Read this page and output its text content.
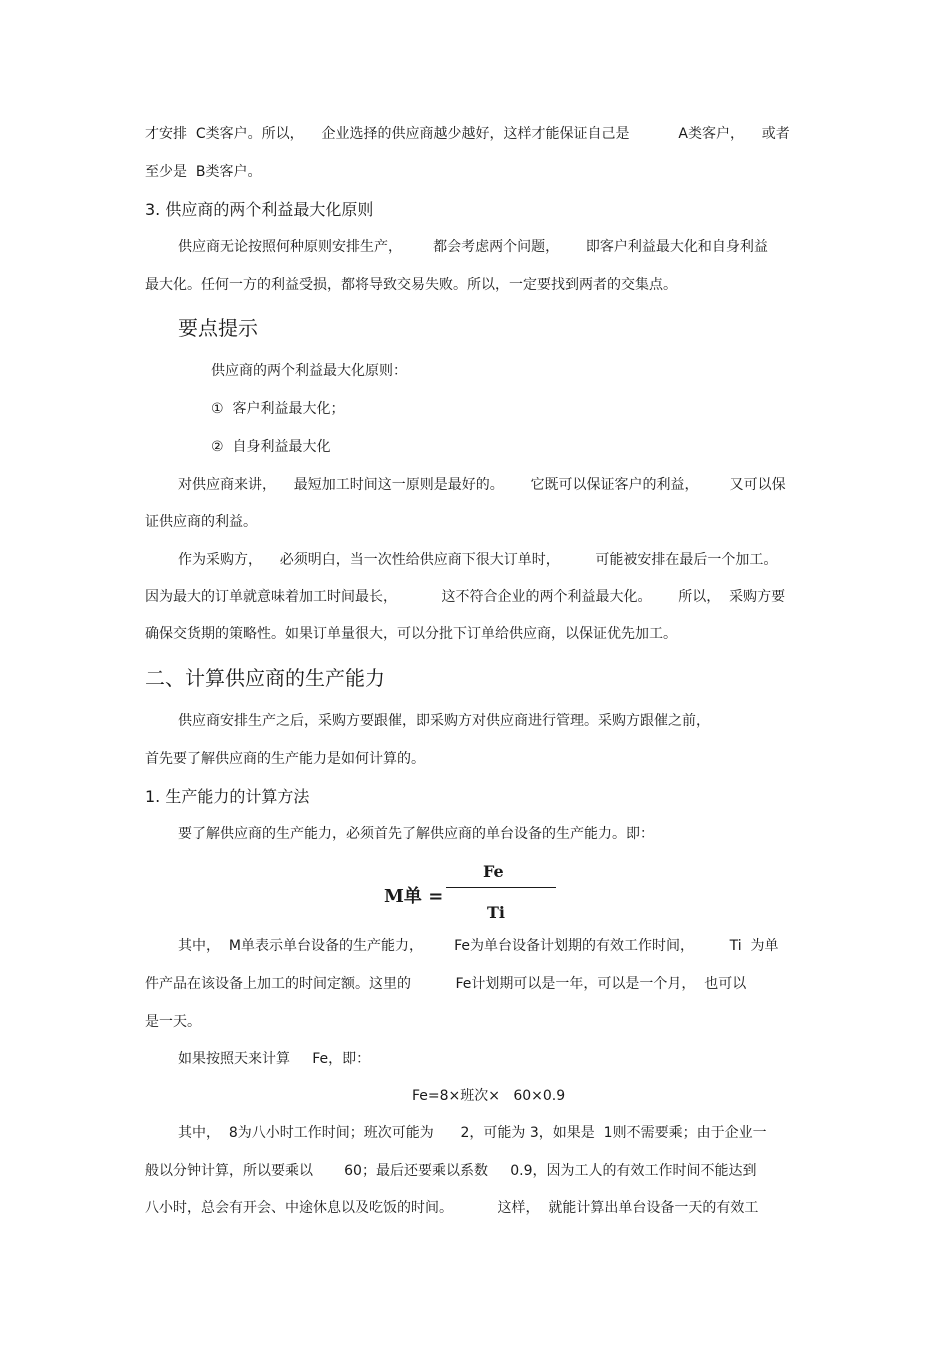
才安排  C类客户。所以，    企业选择的供应商越少越好，这样才能保证自己是           A类客户，    或者
至少是  B类客户。
3. 供应商的两个利益最大化原则
供应商无论按照何种原则安排生产，       都会考虑两个问题，      即客户利益最大化和自身利益
最大化。任何一方的利益受损，都将导致交易失败。所以，一定要找到两者的交集点。
要点提示
供应商的两个利益最大化原则：
①  客户利益最大化；
②  自身利益最大化
对供应商来讲，    最短加工时间这一原则是最好的。      它既可以保证客户的利益，       又可以保
证供应商的利益。
作为采购方，    必须明白，当一次性给供应商下很大订单时，        可能被安排在最后一个加工。
因为最大的订单就意味着加工时间最长，          这不符合企业的两个利益最大化。      所以，  采购方要
确保交货期的策略性。如果订单量很大，可以分批下订单给供应商，以保证优先加工。
二、计算供应商的生产能力
供应商安排生产之后，采购方要跟催，即采购方对供应商进行管理。采购方跟催之前，
首先要了解供应商的生产能力是如何计算的。
1. 生产能力的计算方法
要了解供应商的生产能力，必须首先了解供应商的单台设备的生产能力。即：
M单 =
Fe
Ti
其中，  M单表示单台设备的生产能力，       Fe为单台设备计划期的有效工作时间，        Ti  为单
件产品在该设备上加工的时间定额。这里的          Fe计划期可以是一年，可以是一个月，  也可以
是一天。
如果按照天来计算     Fe，即：
Fe=8×班次×   60×0.9
其中，  8为八小时工作时间；班次可能为      2，可能为 3，如果是  1则不需要乘；由于企业一
般以分钟计算，所以要乘以       60；最后还要乘以系数     0.9，因为工人的有效工作时间不能达到
八小时，总会有开会、中途休息以及吃饭的时间。          这样，  就能计算出单台设备一天的有效工
